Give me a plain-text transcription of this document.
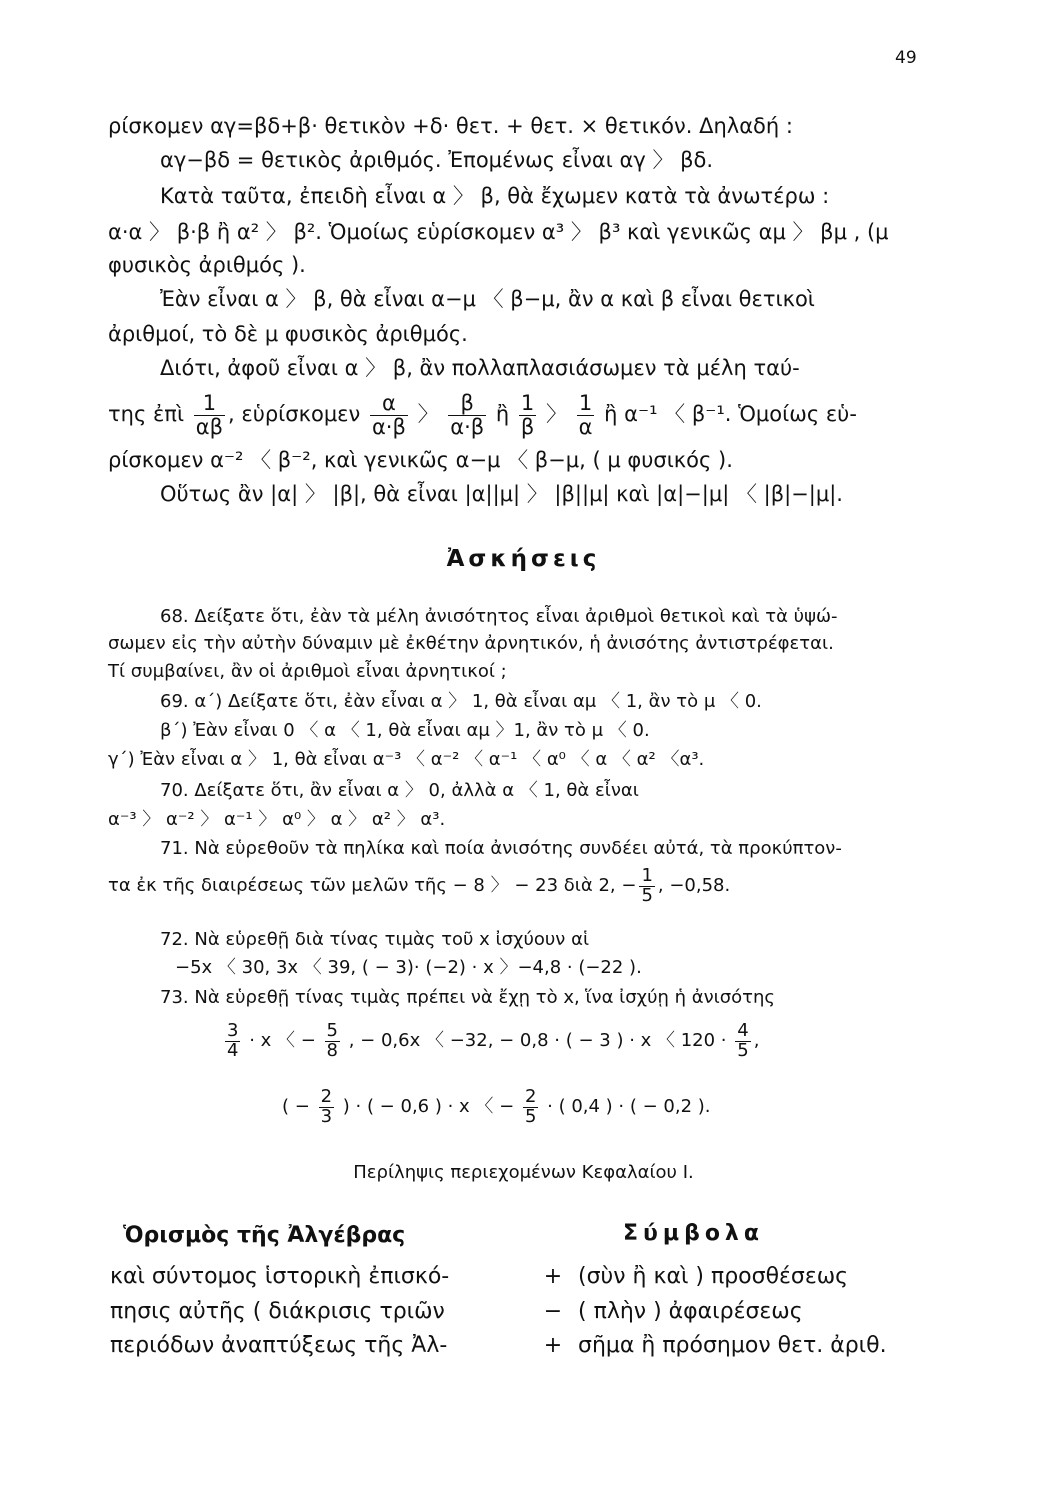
49
ρίσκομεν αγ=βδ+β· θετικὸν +δ· θετ. + θετ. × θετικόν. Δηλαδή :
αγ−βδ = θετικὸς ἀριθμός. Ἐπομένως εἶναι αγ 〉 βδ.
Κατὰ ταῦτα, ἐπειδὴ εἶναι α 〉 β, θὰ ἔχωμεν κατὰ τὰ ἀνωτέρω :
α·α 〉 β·β ἢ α² 〉 β². Ὁμοίως εὑρίσκομεν α³ 〉 β³ καὶ γενικῶς αμ 〉 βμ , (μ
φυσικὸς ἀριθμός ).
Ἐὰν εἶναι α 〉 β, θὰ εἶναι α−μ 〈 β−μ, ἂν α καὶ β εἶναι θετικοὶ
ἀριθμοί, τὸ δὲ μ φυσικὸς ἀριθμός.
Διότι, ἀφοῦ εἶναι α 〉 β, ἂν πολλαπλασιάσωμεν τὰ μέλη ταύ-
της ἐπὶ $\frac{1}{\alpha\beta}$ , εὑρίσκομεν $\frac{\alpha}{\alpha\cdot\beta}$ 〉 $\frac{\beta}{\alpha\cdot\beta}$ ἢ $\frac{1}{\beta}$ 〉 $\frac{1}{\alpha}$ ἢ α⁻¹ 〈 β⁻¹. Ὁμοίως εὑ-
ρίσκομεν α⁻² 〈 β⁻², καὶ γενικῶς α−μ 〈 β−μ, ( μ φυσικός ).
Οὕτως ἂν |α| 〉 |β|, θὰ εἶναι |α||μ| 〉 |β||μ| καὶ |α|−|μ| 〈 |β|−|μ|.
Ἀσκήσεις
68. Δείξατε ὅτι, ἐὰν τὰ μέλη ἀνισότητος εἶναι ἀριθμοὶ θετικοὶ καὶ τὰ ὑψώ-
σωμεν εἰς τὴν αὐτὴν δύναμιν μὲ ἐκθέτην ἀρνητικόν, ἡ ἀνισότης ἀντιστρέφεται.
Τί συμβαίνει, ἂν οἱ ἀριθμοὶ εἶναι ἀρνητικοί ;
69. α΄) Δείξατε ὅτι, ἐὰν εἶναι α 〉 1, θὰ εἶναι αμ 〈 1, ἂν τὸ μ 〈 0.
β΄) Ἐὰν εἶναι 0 〈 α 〈 1, θὰ εἶναι αμ 〉1, ἂν τὸ μ 〈 0.
γ΄) Ἐὰν εἶναι α 〉 1, θὰ εἶναι α⁻³ 〈 α⁻² 〈 α⁻¹ 〈 α⁰ 〈 α 〈 α² 〈α³.
70. Δείξατε ὅτι, ἂν εἶναι α 〉 0, ἀλλὰ α 〈 1, θὰ εἶναι
α⁻³ 〉 α⁻² 〉 α⁻¹ 〉 α⁰ 〉 α 〉 α² 〉 α³.
71. Νὰ εὑρεθοῦν τὰ πηλίκα καὶ ποία ἀνισότης συνδέει αὐτά, τὰ προκύπτον-
τα ἐκ τῆς διαιρέσεως τῶν μελῶν τῆς − 8 〉 − 23 διὰ 2, − $\frac{1}{5}$ , −0,58.
72. Νὰ εὑρεθῇ διὰ τίνας τιμὰς τοῦ x ἰσχύουν αἱ
−5x 〈 30, 3x 〈 39, ( − 3)· (−2) · x 〉−4,8 · (−22 ).
73. Νὰ εὑρεθῇ τίνας τιμὰς πρέπει νὰ ἔχῃ τὸ x, ἵνα ἰσχύῃ ἡ ἀνισότης
$\frac{3}{4} \cdot x$ 〈 − $\frac{5}{8}$ , − 0,6x 〈 −32, − 0,8 · ( − 3 ) · x 〈 $120 \cdot \frac{4}{5}$ ,
( − $\frac{2}{3}$ ) · ( − 0,6 ) · x 〈 − $\frac{2}{5}$ · ( 0,4 ) · ( − 0,2 ).
Περίληψις περιεχομένων Κεφαλαίου Ι.
Ὁρισμὸς τῆς Ἀλγέβρας	Σύμβολα
καὶ σύντομος ἱστορικὴ ἐπισκό-
πησις αὐτῆς ( διάκρισις τριῶν
περιόδων ἀναπτύξεως τῆς Ἀλ-
+ (σὺν ἢ καὶ ) προσθέσεως
− ( πλὴν ) ἀφαιρέσεως
+ σῆμα ἢ πρόσημον θετ. ἀριθ.
